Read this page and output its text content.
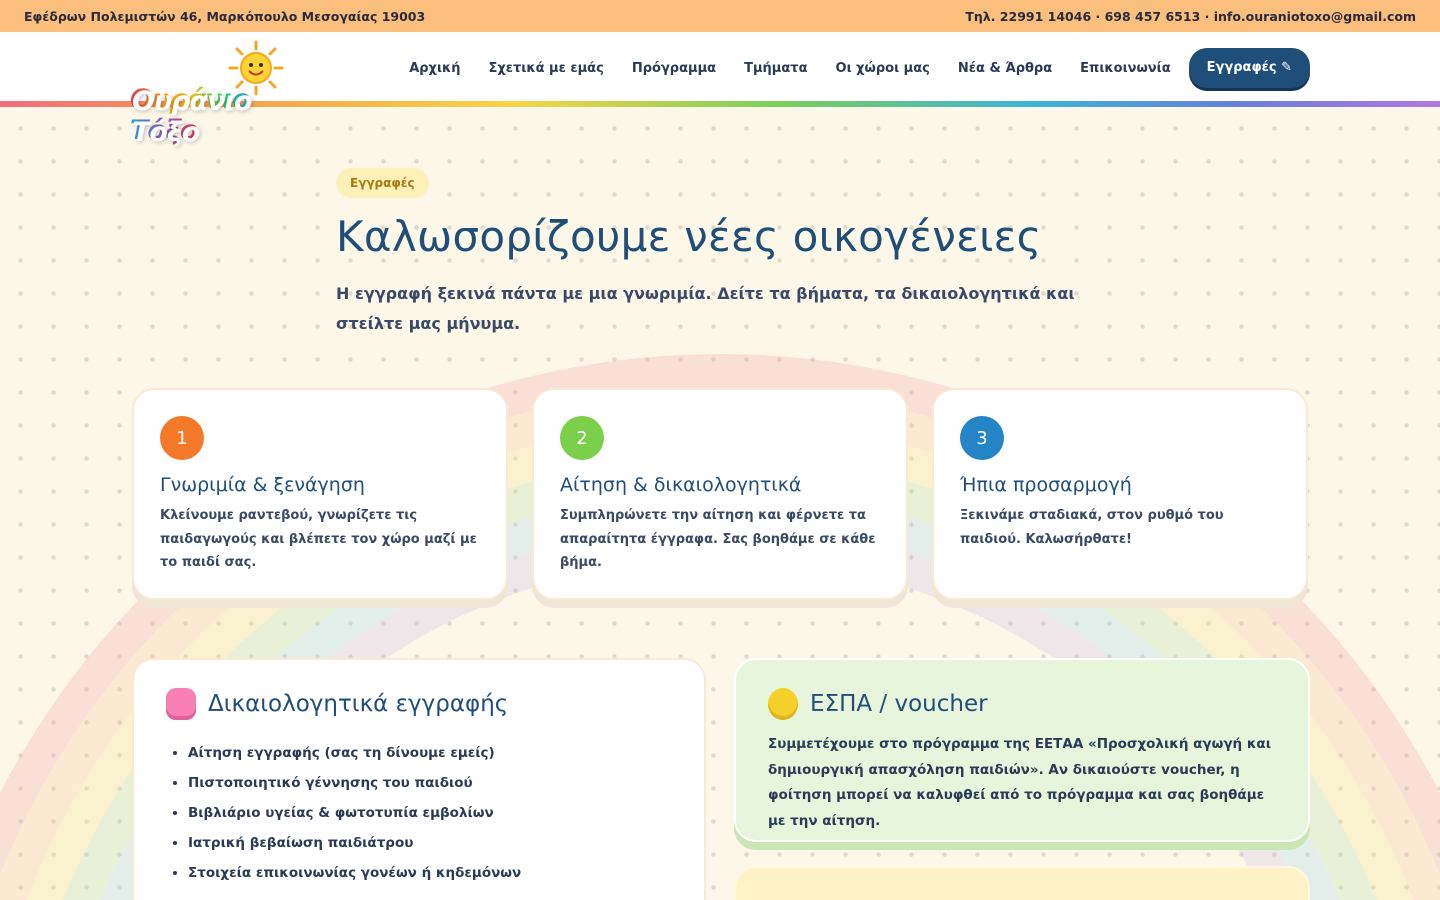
Εφέδρων Πολεμιστών 46, Μαρκόπουλο Μεσογαίας 19003	Τηλ. 22991 14046 · 698 457 6513 · info.ouraniotoxo@gmail.com
Ουράνιο Τόξο
Αρχική	Σχετικά με εμάς	Πρόγραμμα	Τμήματα	Οι χώροι μας	Νέα & Άρθρα	Επικοινωνία	Εγγραφές ✎
Εγγραφές
Καλωσορίζουμε νέες οικογένειες

Η εγγραφή ξεκινά πάντα με μια γνωριμία. Δείτε τα βήματα, τα δικαιολογητικά και στείλτε μας μήνυμα.

1
Γνωριμία & ξενάγηση

Κλείνουμε ραντεβού, γνωρίζετε τις παιδαγωγούς και βλέπετε τον χώρο μαζί με το παιδί σας.

2
Αίτηση & δικαιολογητικά

Συμπληρώνετε την αίτηση και φέρνετε τα απαραίτητα έγγραφα. Σας βοηθάμε σε κάθε βήμα.

3
Ήπια προσαρμογή

Ξεκινάμε σταδιακά, στον ρυθμό του παιδιού. Καλωσήρθατε!

Δικαιολογητικά εγγραφής
• Αίτηση εγγραφής (σας τη δίνουμε εμείς)
• Πιστοποιητικό γέννησης του παιδιού
• Βιβλιάριο υγείας & φωτοτυπία εμβολίων
• Ιατρική βεβαίωση παιδιάτρου
• Στοιχεία επικοινωνίας γονέων ή κηδεμόνων
ΕΣΠΑ / voucher

Συμμετέχουμε στο πρόγραμμα της ΕΕΤΑΑ «Προσχολική αγωγή και δημιουργική απασχόληση παιδιών». Αν δικαιούστε voucher, η φοίτηση μπορεί να καλυφθεί από το πρόγραμμα και σας βοηθάμε με την αίτηση.
